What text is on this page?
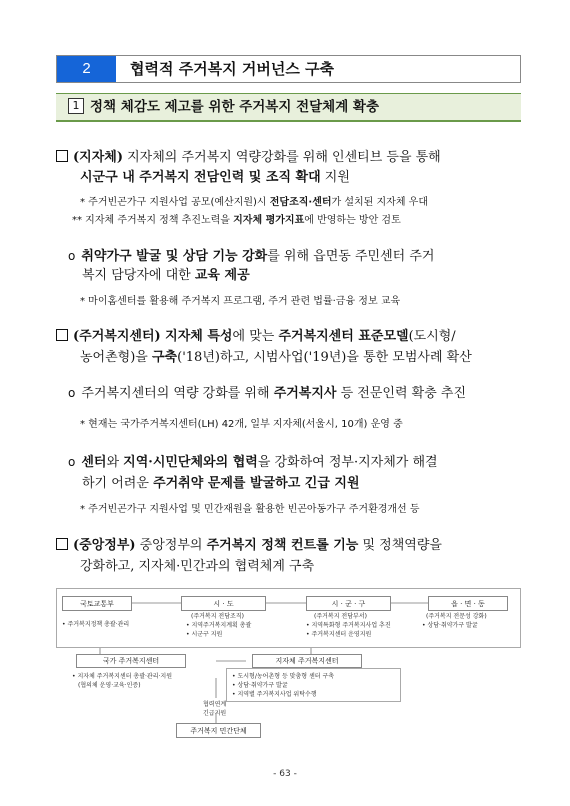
2	협력적 주거복지 거버넌스 구축
1 정책 체감도 제고를 위한 주거복지 전달체계 확충
(지자체) 지자체의 주거복지 역량강화를 위해 인센티브 등을 통해
시군구 내 주거복지 전담인력 및 조직 확대 지원
* 주거빈곤가구 지원사업 공모(예산지원)시 전담조직·센터가 설치된 지자체 우대
** 지자체 주거복지 정책 추진노력을 지자체 평가지표에 반영하는 방안 검토
o 취약가구 발굴 및 상담 기능 강화를 위해 읍면동 주민센터 주거
복지 담당자에 대한 교육 제공
* 마이홈센터를 활용해 주거복지 프로그램, 주거 관련 법률·금융 정보 교육
(주거복지센터) 지자체 특성에 맞는 주거복지센터 표준모델(도시형/
농어촌형)을 구축('18년)하고, 시범사업('19년)을 통한 모범사례 확산
o 주거복지센터의 역량 강화를 위해 주거복지사 등 전문인력 확충 추진
* 현재는 국가주거복지센터(LH) 42개, 일부 지자체(서울시, 10개) 운영 중
o 센터와 지역·시민단체와의 협력을 강화하여 정부·지자체가 해결
하기 어려운 주거취약 문제를 발굴하고 긴급 지원
* 주거빈곤가구 지원사업 및 민간재원을 활용한 빈곤아동가구 주거환경개선 등
(중앙정부) 중앙정부의 주거복지 정책 컨트롤 기능 및 정책역량을
강화하고, 지자체·민간과의 협력체계 구축
국토교통부
• 주거복지정책 총괄·관리
시 · 도
(주거복지 전담조직)
• 지역주거복지계획 총괄
• 시군구 지원
시 · 군 · 구
(주거복지 전담부서)
• 지역특화형 주거복지사업 추진
• 주거복지센터 운영지원
읍 · 면 · 동
(주거복지 전문성 강화)
• 상담·취약가구 발굴
국가 주거복지센터
• 지자체 주거복지센터 총괄·관리·지원
(협의체 운영·교육·인증)
지자체 주거복지센터
• 도시형/농어촌형 등 맞춤형 센터 구축
• 상담·취약가구 발굴
• 지역별 주거복지사업 위탁수행
협력연계
긴급지원
주거복지 민간단체
- 63 -
